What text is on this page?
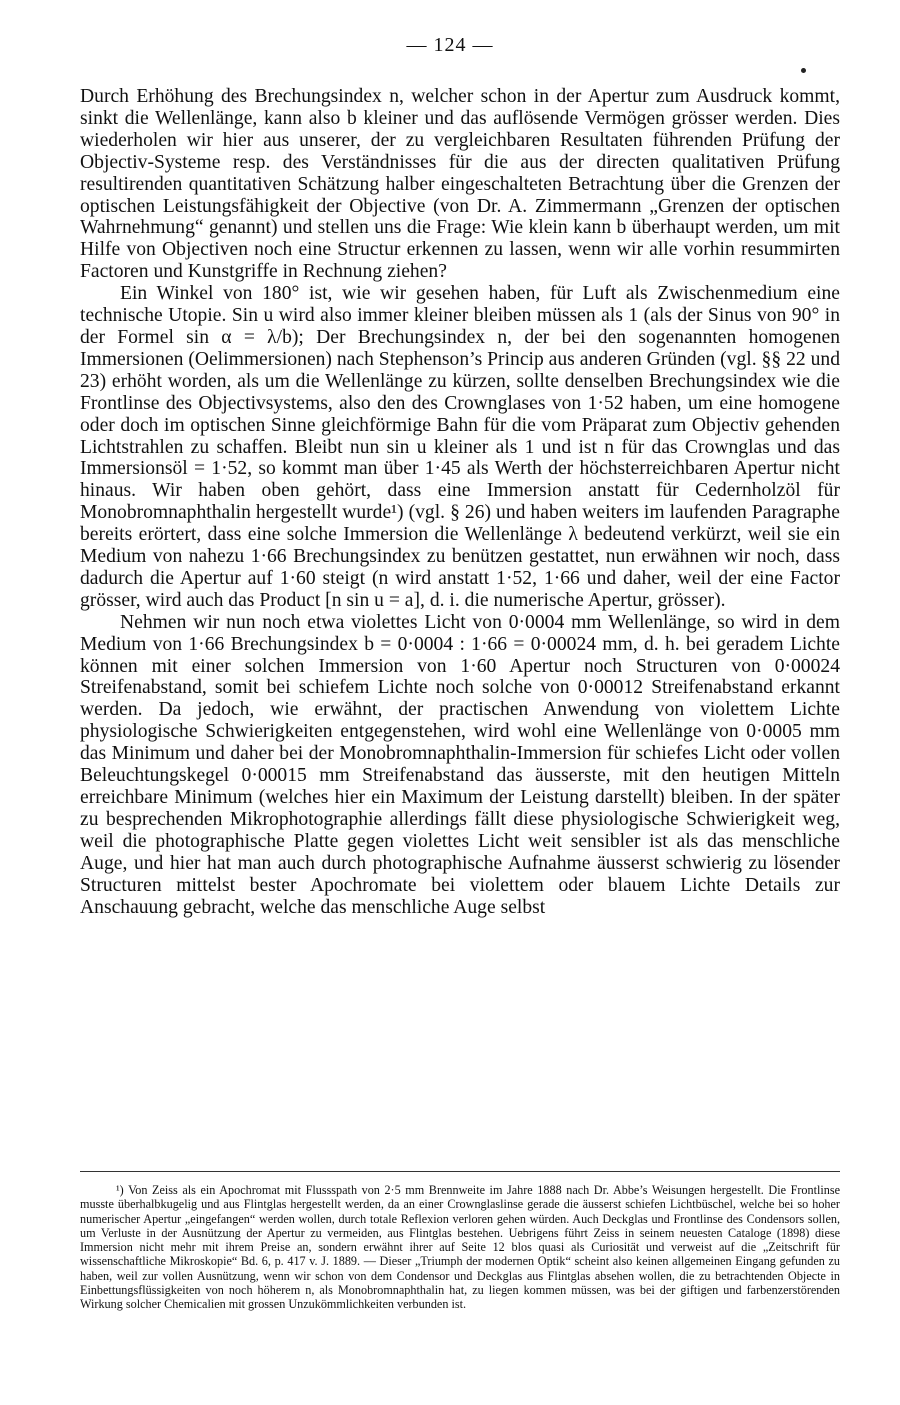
— 124 —

Durch Erhöhung des Brechungsindex n, welcher schon in der Apertur zum Ausdruck kommt, sinkt die Wellenlänge, kann also b kleiner und das auflösende Vermögen grösser werden. Dies wiederholen wir hier aus unserer, der zu vergleichbaren Resultaten führenden Prüfung der Objectiv-Systeme resp. des Verständnisses für die aus der directen qualitativen Prüfung resultirenden quantitativen Schätzung halber eingeschalteten Betrachtung über die Grenzen der optischen Leistungsfähigkeit der Objective (von Dr. A. Zimmermann „Grenzen der optischen Wahrnehmung“ genannt) und stellen uns die Frage: Wie klein kann b überhaupt werden, um mit Hilfe von Objectiven noch eine Structur erkennen zu lassen, wenn wir alle vorhin resummirten Factoren und Kunstgriffe in Rechnung ziehen?

Ein Winkel von 180° ist, wie wir gesehen haben, für Luft als Zwischenmedium eine technische Utopie. Sin u wird also immer kleiner bleiben müssen als 1 (als der Sinus von 90° in der Formel sin α = λ/b); Der Brechungsindex n, der bei den sogenannten homogenen Immersionen (Oelimmersionen) nach Stephenson’s Princip aus anderen Gründen (vgl. §§ 22 und 23) erhöht worden, als um die Wellenlänge zu kürzen, sollte denselben Brechungsindex wie die Frontlinse des Objectivsystems, also den des Crownglases von 1·52 haben, um eine homogene oder doch im optischen Sinne gleichförmige Bahn für die vom Präparat zum Objectiv gehenden Lichtstrahlen zu schaffen. Bleibt nun sin u kleiner als 1 und ist n für das Crownglas und das Immersionsöl = 1·52, so kommt man über 1·45 als Werth der höchsterreichbaren Apertur nicht hinaus. Wir haben oben gehört, dass eine Immersion anstatt für Cedernholzöl für Monobromnaphthalin hergestellt wurde¹) (vgl. § 26) und haben weiters im laufenden Paragraphe bereits erörtert, dass eine solche Immersion die Wellenlänge λ bedeutend verkürzt, weil sie ein Medium von nahezu 1·66 Brechungsindex zu benützen gestattet, nun erwähnen wir noch, dass dadurch die Apertur auf 1·60 steigt (n wird anstatt 1·52, 1·66 und daher, weil der eine Factor grösser, wird auch das Product [n sin u = a], d. i. die numerische Apertur, grösser).

Nehmen wir nun noch etwa violettes Licht von 0·0004 mm Wellenlänge, so wird in dem Medium von 1·66 Brechungsindex b = 0·0004 : 1·66 = 0·00024 mm, d. h. bei geradem Lichte können mit einer solchen Immersion von 1·60 Apertur noch Structuren von 0·00024 Streifenabstand, somit bei schiefem Lichte noch solche von 0·00012 Streifenabstand erkannt werden. Da jedoch, wie erwähnt, der practischen Anwendung von violettem Lichte physiologische Schwierigkeiten entgegenstehen, wird wohl eine Wellenlänge von 0·0005 mm das Minimum und daher bei der Monobromnaphthalin-Immersion für schiefes Licht oder vollen Beleuchtungskegel 0·00015 mm Streifenabstand das äusserste, mit den heutigen Mitteln erreichbare Minimum (welches hier ein Maximum der Leistung darstellt) bleiben. In der später zu besprechenden Mikrophotographie allerdings fällt diese physiologische Schwierigkeit weg, weil die photographische Platte gegen violettes Licht weit sensibler ist als das menschliche Auge, und hier hat man auch durch photographische Aufnahme äusserst schwierig zu lösender Structuren mittelst bester Apochromate bei violettem oder blauem Lichte Details zur Anschauung gebracht, welche das menschliche Auge selbst

¹) Von Zeiss als ein Apochromat mit Flussspath von 2·5 mm Brennweite im Jahre 1888 nach Dr. Abbe’s Weisungen hergestellt. Die Frontlinse musste überhalbkugelig und aus Flintglas hergestellt werden, da an einer Crownglaslinse gerade die äusserst schiefen Lichtbüschel, welche bei so hoher numerischer Apertur „eingefangen“ werden wollen, durch totale Reflexion verloren gehen würden. Auch Deckglas und Frontlinse des Condensors sollen, um Verluste in der Ausnützung der Apertur zu vermeiden, aus Flintglas bestehen. Uebrigens führt Zeiss in seinem neuesten Cataloge (1898) diese Immersion nicht mehr mit ihrem Preise an, sondern erwähnt ihrer auf Seite 12 blos quasi als Curiosität und verweist auf die „Zeitschrift für wissenschaftliche Mikroskopie“ Bd. 6, p. 417 v. J. 1889. — Dieser „Triumph der modernen Optik“ scheint also keinen allgemeinen Eingang gefunden zu haben, weil zur vollen Ausnützung, wenn wir schon von dem Condensor und Deckglas aus Flintglas absehen wollen, die zu betrachtenden Objecte in Einbettungsflüssigkeiten von noch höherem n, als Monobromnaphthalin hat, zu liegen kommen müssen, was bei der giftigen und farbenzerstörenden Wirkung solcher Chemicalien mit grossen Unzukömmlichkeiten verbunden ist.
